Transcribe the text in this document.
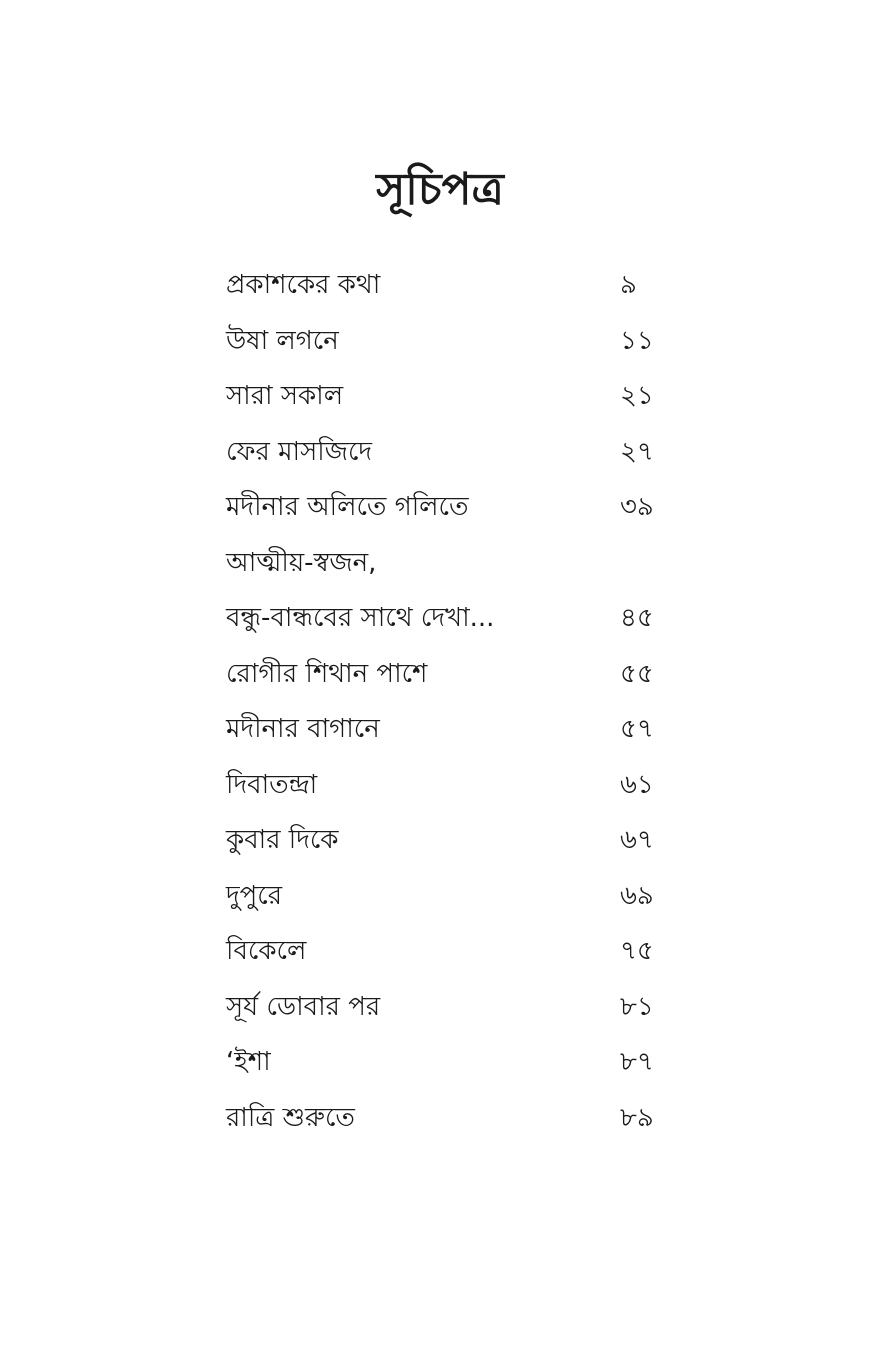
সূচিপত্র
প্রকাশকের কথা	৯
উষা লগনে	১১
সারা সকাল	২১
ফের মাসজিদে	২৭
মদীনার অলিতে গলিতে	৩৯
আত্মীয়-স্বজন,
বন্ধু-বান্ধবের সাথে দেখা...	৪৫
রোগীর শিথান পাশে	৫৫
মদীনার বাগানে	৫৭
দিবাতন্দ্রা	৬১
কুবার দিকে	৬৭
দুপুরে	৬৯
বিকেলে	৭৫
সূর্য ডোবার পর	৮১
‘ইশা	৮৭
রাত্রি শুরুতে	৮৯
